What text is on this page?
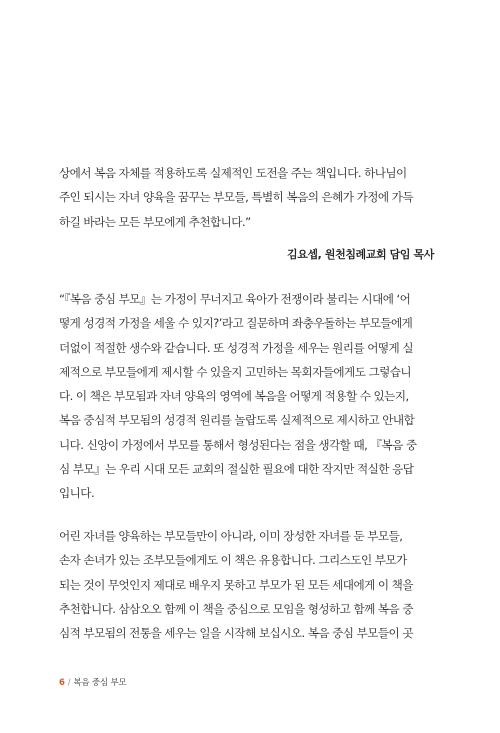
상에서 복음 자체를 적용하도록 실제적인 도전을 주는 책입니다. 하나님이
주인 되시는 자녀 양육을 꿈꾸는 부모들, 특별히 복음의 은혜가 가정에 가득
하길 바라는 모든 부모에게 추천합니다.”
김요셉, 원천침례교회 담임 목사
“『복음 중심 부모』는 가정이 무너지고 육아가 전쟁이라 불리는 시대에 ‘어
떻게 성경적 가정을 세울 수 있지?’라고 질문하며 좌충우돌하는 부모들에게
더없이 적절한 생수와 같습니다. 또 성경적 가정을 세우는 원리를 어떻게 실
제적으로 부모들에게 제시할 수 있을지 고민하는 목회자들에게도 그렇습니
다. 이 책은 부모됨과 자녀 양육의 영역에 복음을 어떻게 적용할 수 있는지,
복음 중심적 부모됨의 성경적 원리를 놀랍도록 실제적으로 제시하고 안내합
니다. 신앙이 가정에서 부모를 통해서 형성된다는 점을 생각할 때, 『복음 중
심 부모』는 우리 시대 모든 교회의 절실한 필요에 대한 작지만 적실한 응답
입니다.
어린 자녀를 양육하는 부모들만이 아니라, 이미 장성한 자녀를 둔 부모들,
손자 손녀가 있는 조부모들에게도 이 책은 유용합니다. 그리스도인 부모가
되는 것이 무엇인지 제대로 배우지 못하고 부모가 된 모든 세대에게 이 책을
추천합니다. 삼삼오오 함께 이 책을 중심으로 모임을 형성하고 함께 복음 중
심적 부모됨의 전통을 세우는 일을 시작해 보십시오. 복음 중심 부모들이 곳
6 / 복음 중심 부모
